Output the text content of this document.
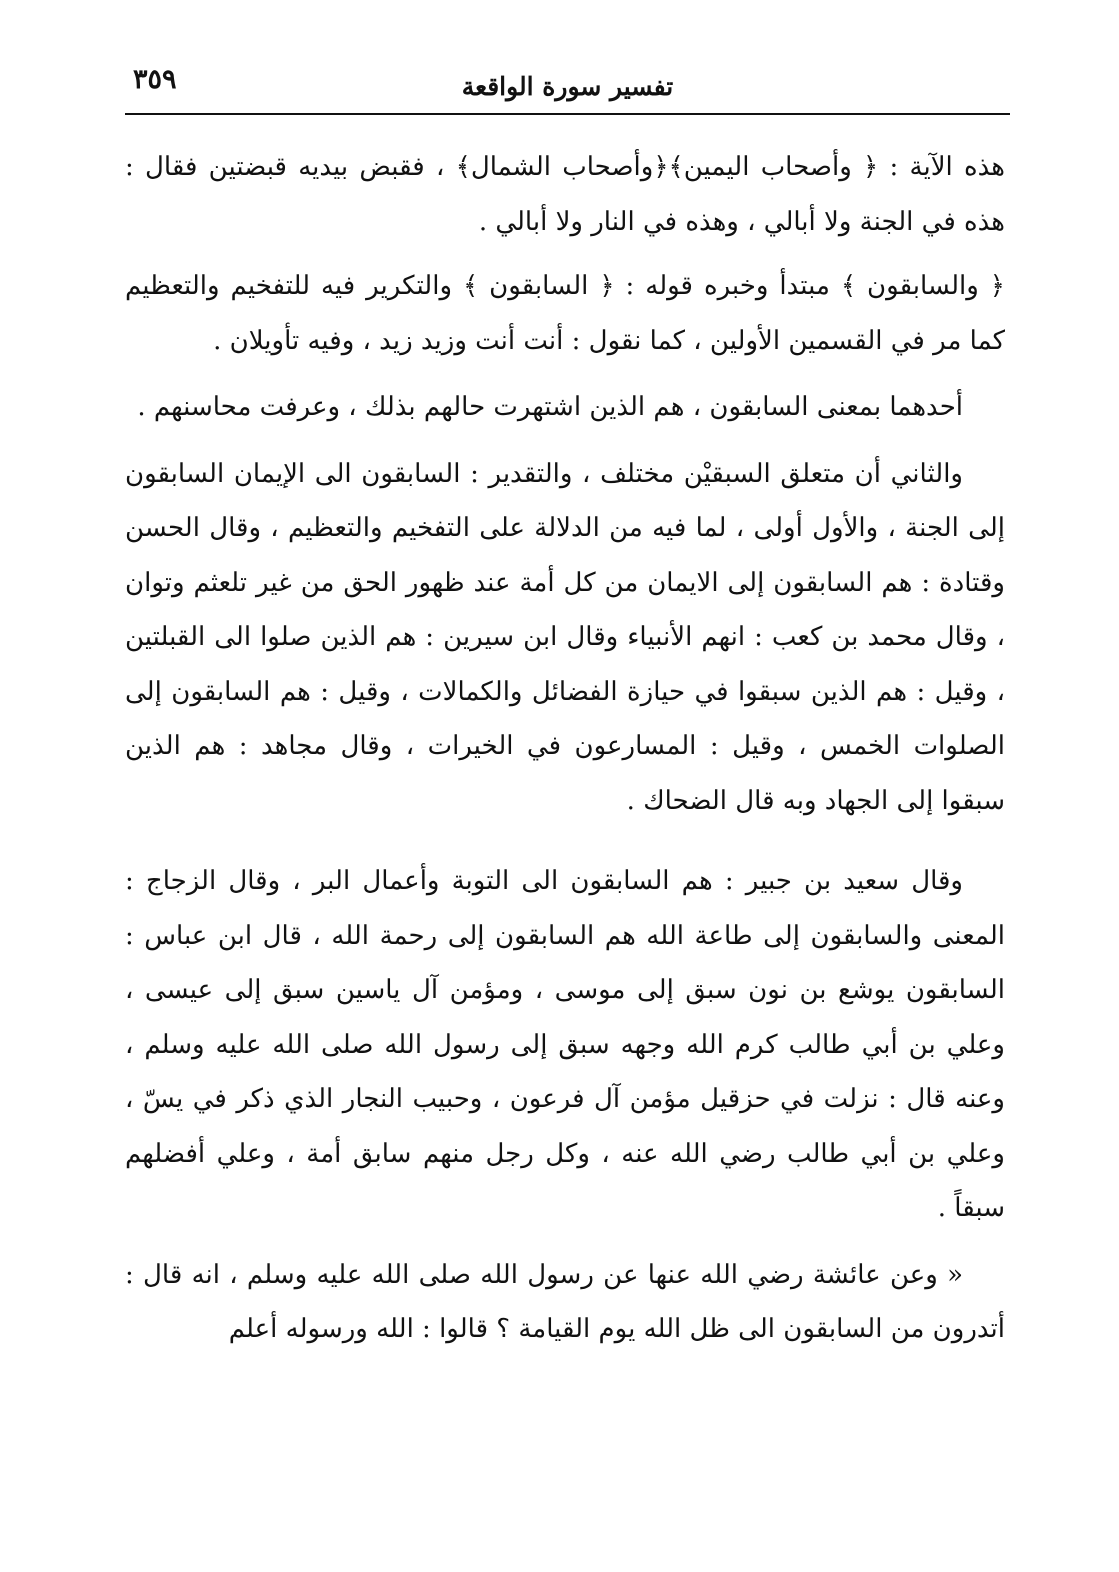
تفسير سورة الواقعة
٣٥٩

هذه الآية : ﴿ وأصحاب اليمين﴾﴿وأصحاب الشمال﴾ ، فقبض بيديه قبضتين فقال : هذه في الجنة ولا أبالي ، وهذه في النار ولا أبالي .

﴿ والسابقون ﴾ مبتدأ وخبره قوله : ﴿ السابقون ﴾ والتكرير فيه للتفخيم والتعظيم كما مر في القسمين الأولين ، كما نقول : أنت أنت وزيد زيد ، وفيه تأويلان .

أحدهما بمعنى السابقون ، هم الذين اشتهرت حالهم بذلك ، وعرفت محاسنهم .

والثاني أن متعلق السبقيْن مختلف ، والتقدير : السابقون الى الإيمان السابقون إلى الجنة ، والأول أولى ، لما فيه من الدلالة على التفخيم والتعظيم ، وقال الحسن وقتادة : هم السابقون إلى الايمان من كل أمة عند ظهور الحق من غير تلعثم وتوان ، وقال محمد بن كعب : انهم الأنبياء وقال ابن سيرين : هم الذين صلوا الى القبلتين ، وقيل : هم الذين سبقوا في حيازة الفضائل والكمالات ، وقيل : هم السابقون إلى الصلوات الخمس ، وقيل : المسارعون في الخيرات ، وقال مجاهد : هم الذين سبقوا إلى الجهاد وبه قال الضحاك .

وقال سعيد بن جبير : هم السابقون الى التوبة وأعمال البر ، وقال الزجاج : المعنى والسابقون إلى طاعة الله هم السابقون إلى رحمة الله ، قال ابن عباس : السابقون يوشع بن نون سبق إلى موسى ، ومؤمن آل ياسين سبق إلى عيسى ، وعلي بن أبي طالب كرم الله وجهه سبق إلى رسول الله صلى الله عليه وسلم ، وعنه قال : نزلت في حزقيل مؤمن آل فرعون ، وحبيب النجار الذي ذكر في يسّ ، وعلي بن أبي طالب رضي الله عنه ، وكل رجل منهم سابق أمة ، وعلي أفضلهم سبقاً .

« وعن عائشة رضي الله عنها عن رسول الله صلى الله عليه وسلم ، انه قال : أتدرون من السابقون الى ظل الله يوم القيامة ؟ قالوا : الله ورسوله أعلم
